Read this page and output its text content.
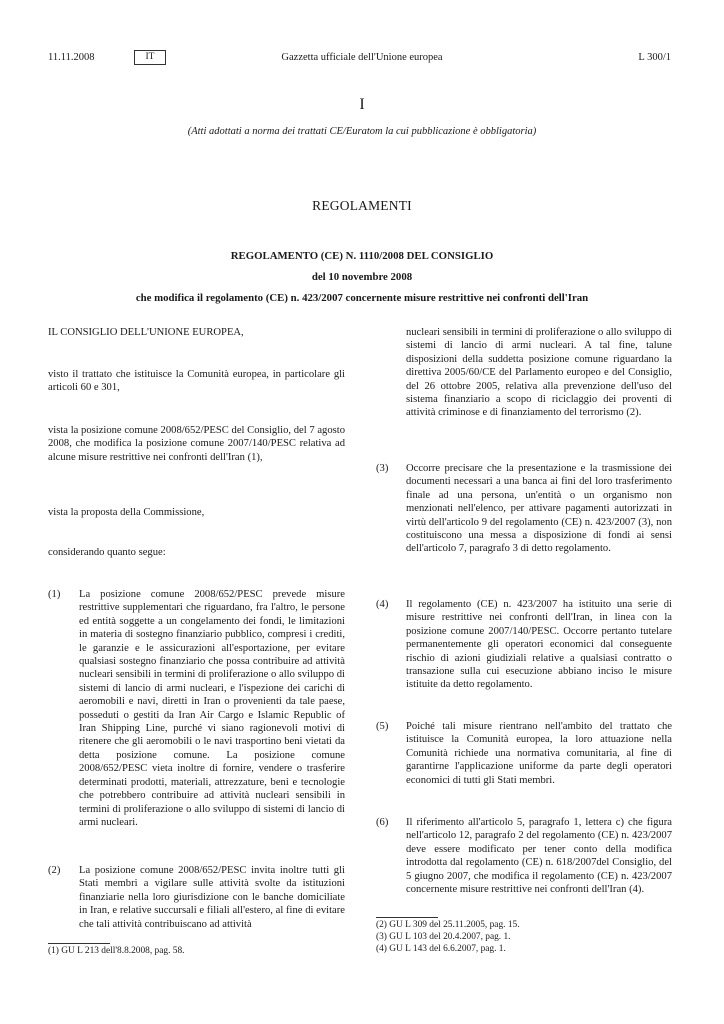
11.11.2008	IT	Gazzetta ufficiale dell'Unione europea	L 300/1
I
(Atti adottati a norma dei trattati CE/Euratom la cui pubblicazione è obbligatoria)
REGOLAMENTI
REGOLAMENTO (CE) N. 1110/2008 DEL CONSIGLIO
del 10 novembre 2008
che modifica il regolamento (CE) n. 423/2007 concernente misure restrittive nei confronti dell'Iran

IL CONSIGLIO DELL'UNIONE EUROPEA,

visto il trattato che istituisce la Comunità europea, in particolare gli articoli 60 e 301,

vista la posizione comune 2008/652/PESC del Consiglio, del 7 agosto 2008, che modifica la posizione comune 2007/140/PESC relativa ad alcune misure restrittive nei confronti dell'Iran (1),

vista la proposta della Commissione,

considerando quanto segue:

(1) La posizione comune 2008/652/PESC prevede misure restrittive supplementari che riguardano, fra l'altro, le persone ed entità soggette a un congelamento dei fondi, le limitazioni in materia di sostegno finanziario pubblico, compresi i crediti, le garanzie e le assicurazioni all'esportazione, per evitare qualsiasi sostegno finanziario che possa contribuire ad attività nucleari sensibili in termini di proliferazione o allo sviluppo di sistemi di lancio di armi nucleari, e l'ispezione dei carichi di aeromobili e navi, diretti in Iran o provenienti da tale paese, posseduti o gestiti da Iran Air Cargo e Islamic Republic of Iran Shipping Line, purché vi siano ragionevoli motivi di ritenere che gli aeromobili o le navi trasportino beni vietati da detta posizione comune. La posizione comune 2008/652/PESC vieta inoltre di fornire, vendere o trasferire determinati prodotti, materiali, attrezzature, beni e tecnologie che potrebbero contribuire ad attività nucleari sensibili in termini di proliferazione o allo sviluppo di sistemi di lancio di armi nucleari.
(2) La posizione comune 2008/652/PESC invita inoltre tutti gli Stati membri a vigilare sulle attività svolte da istituzioni finanziarie nella loro giurisdizione con le banche domiciliate in Iran, e relative succursali e filiali all'estero, al fine di evitare che tali attività contribuiscano ad attività
(1) GU L 213 dell'8.8.2008, pag. 58.
nucleari sensibili in termini di proliferazione o allo sviluppo di sistemi di lancio di armi nucleari. A tal fine, talune disposizioni della suddetta posizione comune riguardano la direttiva 2005/60/CE del Parlamento europeo e del Consiglio, del 26 ottobre 2005, relativa alla prevenzione dell'uso del sistema finanziario a scopo di riciclaggio dei proventi di attività criminose e di finanziamento del terrorismo (2).
(3) Occorre precisare che la presentazione e la trasmissione dei documenti necessari a una banca ai fini del loro trasferimento finale ad una persona, un'entità o un organismo non menzionati nell'elenco, per attivare pagamenti autorizzati in virtù dell'articolo 9 del regolamento (CE) n. 423/2007 (3), non costituiscono una messa a disposizione di fondi ai sensi dell'articolo 7, paragrafo 3 di detto regolamento.
(4) Il regolamento (CE) n. 423/2007 ha istituito una serie di misure restrittive nei confronti dell'Iran, in linea con la posizione comune 2007/140/PESC. Occorre pertanto tutelare permanentemente gli operatori economici dal conseguente rischio di azioni giudiziali relative a qualsiasi contratto o transazione sulla cui esecuzione abbiano inciso le misure istituite da detto regolamento.
(5) Poiché tali misure rientrano nell'ambito del trattato che istituisce la Comunità europea, la loro attuazione nella Comunità richiede una normativa comunitaria, al fine di garantirne l'applicazione uniforme da parte degli operatori economici di tutti gli Stati membri.
(6) Il riferimento all'articolo 5, paragrafo 1, lettera c) che figura nell'articolo 12, paragrafo 2 del regolamento (CE) n. 423/2007 deve essere modificato per tener conto della modifica introdotta dal regolamento (CE) n. 618/2007del Consiglio, del 5 giugno 2007, che modifica il regolamento (CE) n. 423/2007 concernente misure restrittive nei confronti dell'Iran (4).
(2) GU L 309 del 25.11.2005, pag. 15.
(3) GU L 103 del 20.4.2007, pag. 1.
(4) GU L 143 del 6.6.2007, pag. 1.
